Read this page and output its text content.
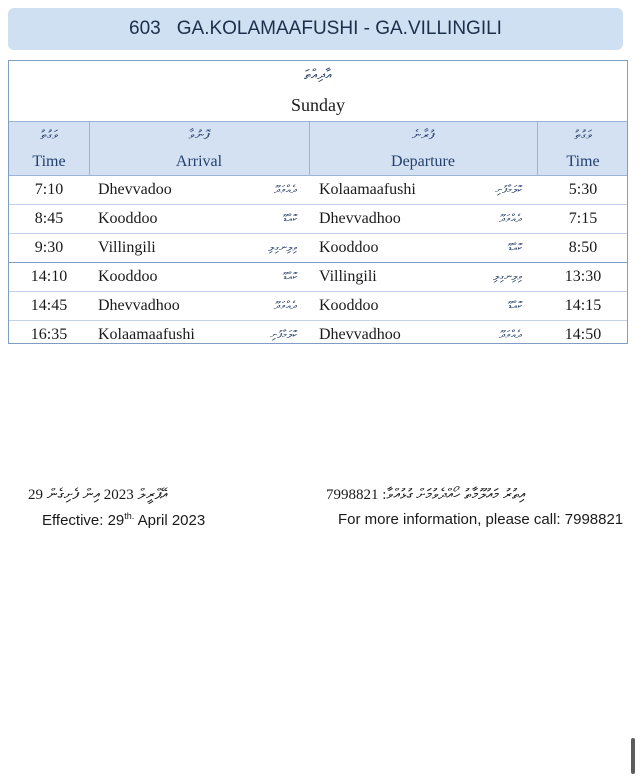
603 GA.KOLAMAAFUSHI - GA.VILLINGILI
އާދިއްތަ
Sunday
ވަގުތު
Time
ފޮނުވާ
Arrival
ފުރާނެ
Departure
ވަގުތު
Time
7:10	Dhevvadoo	ދެއްވަދޫ Kolaamaafushi	ކޮލަމާފުށި	5:30
8:45	Kooddoo	ކޮއްޑޫ Dhevvadhoo	ދެއްވަދޫ	7:15
9:30	Villingili	ވިލިނގިލި Kooddoo	ކޮއްޑޫ	8:50
14:10	Kooddoo	ކޮއްޑޫ Villingili	ވިލިނގިލި	13:30
14:45	Dhevvadhoo	ދެއްވަދޫ Kooddoo	ކޮއްޑޫ	14:15
16:35	Kolaamaafushi	ކޮލަމާފުށި Dhevvadhoo	ދެއްވަދޫ	14:50
29 އޭޕްރީލް 2023 އިން ފެށިގެން
Effective: $29^{th.}$ April 2023
އިތުރު މައުލޫމާތު ހޯއްދެވުމަށް ގުޅުއްވާ: 7998821
For more information, please call: 7998821
